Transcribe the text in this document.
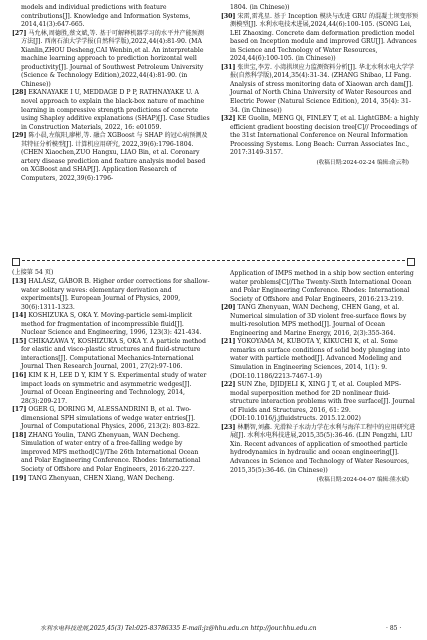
models and individual predictions with feature contributions[J]. Knowledge and Information Systems, 2014,41(3):647-665.

[27] 马允林,周德胜,蔡文斌,等. 基于可解释机器学习的水平井产能预测方法[J]. 西南石油大学学报(自然科学版),2022,44(4):81-90. (MA Xianlin,ZHOU Desheng,CAI Wenbin,et al. An interpretable machine learning approach to prediction horizontal well productivity[J]. Journal of Southwest Petroleum University (Science & Technology Edition),2022,44(4):81-90. (in Chinese))

[28] EKANAYAKE I U, MEDDAGE D P P, RATHNAYAKE U. A novel approach to explain the black-box nature of machine learning in compressive strength predictions of concrete using Shapley additive explanations (SHAP)[J]. Case Studies in Construction Materials, 2022, 16: e01059.

[29] 陈小晨,左航阳,廖彬,等. 融合 XGBoost 与 SHAP 的冠心病预测及其特征分析模型[J]. 计算机应用研究, 2022,39(6):1796-1804. (CHEN Xiaochen,ZUO Hangxu, LIAO Bin, et al. Coronary artery disease prediction and feature analysis model based on XGBoost and SHAP[J]. Application Research of Computers, 2022,39(6):1796-

1804. (in Chinese))

[30] 宋雷,雷兆星. 基于 Inception 模块与改进 GRU 的混凝土坝变形预测模型[J]. 水利水电技术进展,2024,44(6):100-105. (SONG Lei, LEI Zhaoxing. Concrete dam deformation prediction model based on Inception module and improved GRU[J]. Advances in Science and Technology of Water Resources, 2024,44(6):100-105. (in Chinese))

[31] 张世宝,李芳. 小湾拱坝应力监测资料分析[J]. 华北水利水电大学学报(自然科学版),2014,35(4):31-34. (ZHANG Shibao, LI Fang. Analysis of stress monitoring data of Xiaowan arch dam[J]. Journal of North China University of Water Resources and Electric Power (Natural Science Edition), 2014, 35(4): 31-34. (in Chinese))

[32] KE Guolin, MENG Qi, FINLEY T, et al. LightGBM: a highly efficient gradient boosting decision tree[C]// Proceedings of the 31st International Conference on Neural Information Processing Systems. Long Beach: Curran Associates Inc., 2017:3149-3157.

(收稿日期:2024-02-24 编辑:俞云利)
(上接第 54 页)

[13] HALÁSZ, GÁBOR B. Higher order corrections for shallow-water solitary waves: elementary derivation and experiments[J]. European Journal of Physics, 2009, 30(6):1311-1323.

[14] KOSHIZUKA S, OKA Y. Moving-particle semi-implicit method for fragmentation of incompressible fluid[J]. Nuclear Science and Engineering, 1996, 123(3): 421-434.

[15] CHIKAZAWA Y, KOSHIZUKA S, OKA Y. A particle method for elastic and visco-plastic structures and fluid-structure interactions[J]. Computational Mechanics-International Journal Then Research Journal, 2001, 27(2):97-106.

[16] KIM K H, LEE D Y, KIM Y S. Experimental study of water impact loads on symmetric and asymmetric wedges[J]. Journal of Ocean Engineering and Technology, 2014, 28(3):209-217.

[17] OGER G, DORING M, ALESSANDRINI B, et al. Two-dimensional SPH simulations of wedge water entries[J]. Journal of Computational Physics, 2006, 213(2): 803-822.

[18] ZHANG Youlin, TANG Zhenyuan, WAN Decheng. Simulation of water entry of a free-falling wedge by improved MPS method[C]//The 26th International Ocean and Polar Engineering Conference. Rhodes: International Society of Offshore and Polar Engineers, 2016:220-227.

[19] TANG Zhenyuan, CHEN Xiang, WAN Decheng.

Application of IMPS method in a ship bow section entering water problems[C]//The Twenty-Sixth International Ocean and Polar Engineering Conference. Rhodes: International Society of Offshore and Polar Engineers, 2016:213-219.

[20] TANG Zhenyuan, WAN Decheng, CHEN Gang, et al. Numerical simulation of 3D violent free-surface flows by multi-resolution MPS method[J]. Journal of Ocean Engineering and Marine Energy, 2016, 2(3):355-364.

[21] YOKOYAMA M, KUBOTA Y, KIKUCHI K, et al. Some remarks on surface conditions of solid body plunging into water with particle method[J]. Advanced Modeling and Simulation in Engineering Sciences, 2014, 1(1): 9. (DOI:10.1186/2213-7467-1-9)

[22] SUN Zhe, DJIDJELI K, XING J T, et al. Coupled MPS-modal superposition method for 2D nonlinear fluid-structure interaction problems with free surface[J]. Journal of Fluids and Structures, 2016, 61: 29. (DOI:10.1016/j.jfluidstructs. 2015.12.002)

[23] 林鹏智,刘鑫. 光滑粒子水动力学在水利与海洋工程中的应用研究进展[J]. 水利水电科技进展,2015,35(5):36-46. (LIN Pengzhi, LIU Xin. Recent advances of application of smoothed particle hydrodynamics in hydraulic and ocean engineering[J]. Advances in Science and Technology of Water Resources, 2015,35(5):36-46. (in Chinese))

(收稿日期:2024-04-07 编辑:熊水斌)
水利水电科技进展,2025,45(3) Tel:025-83786335 E-mail:jz@hhu.edu.cn http://jour.hhu.edu.cn	· 85 ·
